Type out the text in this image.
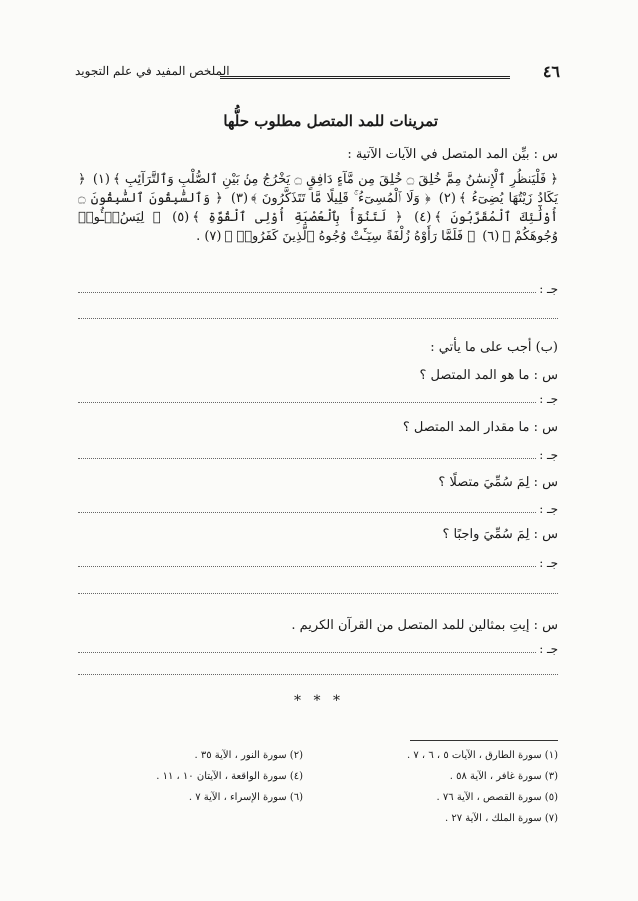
٤٦
الملخص المفيد في علم التجويد
تمرينات للمد المتصل مطلوب حلُّها
س : بيِّن المد المتصل في الآيات الآتية :
﴿ فَلْيَنظُرِ ٱلْإِنسَٰنُ مِمَّ خُلِقَ ۝ خُلِقَ مِن مَّآءٍ دَافِقٍ ۝ يَخْرُجُ مِنۢ بَيْنِ ٱلصُّلْبِ وَٱلتَّرَآئِبِ ﴾(١) ﴿ يَكَادُ زَيْتُهَا يُضِىٓءُ ﴾(٢) ﴿ وَلَا ٱلْمُسِىٓءُ ۚ قَلِيلًا مَّا تَتَذَكَّرُونَ ﴾(٣) ﴿ وَٱلسَّٰبِقُونَ ٱلسَّٰبِقُونَ ۝ أُوْلَٰٓئِكَ ٱلْمُقَرَّبُونَ ﴾(٤) ﴿ لَتَنُوٓأُ بِٱلْعُصْبَةِ أُوْلِى ٱلْقُوَّةِ ﴾(٥) ﴿ لِيَسُۥٓـُٔوا۟ وُجُوهَكُمْ ﴾(٦) ﴿ فَلَمَّا رَأَوْهُ زُلْفَةً سِيٓـَٔتْ وُجُوهُ ٱلَّذِينَ كَفَرُوا۟ ﴾(٧) .
جـ :
(ب) أجب على ما يأتي :
س : ما هو المد المتصل ؟
جـ :
س : ما مقدار المد المتصل ؟
جـ :
س : لِمَ سُمِّيَ متصلًا ؟
جـ :
س : لِمَ سُمِّيَ واجبًا ؟
جـ :
س : إيتِ بمثالين للمد المتصل من القرآن الكريم .
جـ :
* * *
(١) سورة الطارق ، الآيات ٥ ، ٦ ، ٧ .
(٢) سورة النور ، الآية ٣٥ .
(٣) سورة غافر ، الآية ٥٨ .
(٤) سورة الواقعة ، الآيتان ١٠ ، ١١ .
(٥) سورة القصص ، الآية ٧٦ .
(٦) سورة الإسراء ، الآية ٧ .
(٧) سورة الملك ، الآية ٢٧ .
